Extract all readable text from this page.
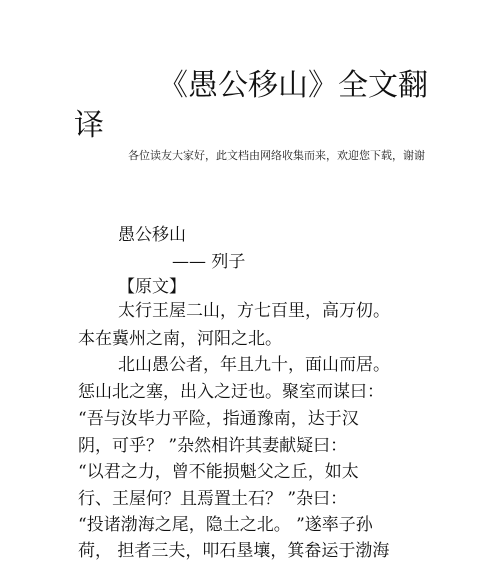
《愚公移山》全文翻
译
各位读友大家好，此文档由网络收集而来，欢迎您下载，谢谢
愚公移山
—— 列子
【原文】
太行王屋二山，方七百里，高万仞。
本在冀州之南，河阳之北。
北山愚公者，年且九十，面山而居。
惩山北之塞，出入之迂也。聚室而谋曰：
“吾与汝毕力平险，指通豫南，达于汉
阴，可乎？ ”杂然相许其妻献疑曰：
“以君之力，曾不能损魁父之丘，如太
行、王屋何？且焉置土石？ ”杂曰：
“投诸渤海之尾，隐土之北。 ”遂率子孙
荷， 担者三夫，叩石垦壤，箕畚运于渤海
